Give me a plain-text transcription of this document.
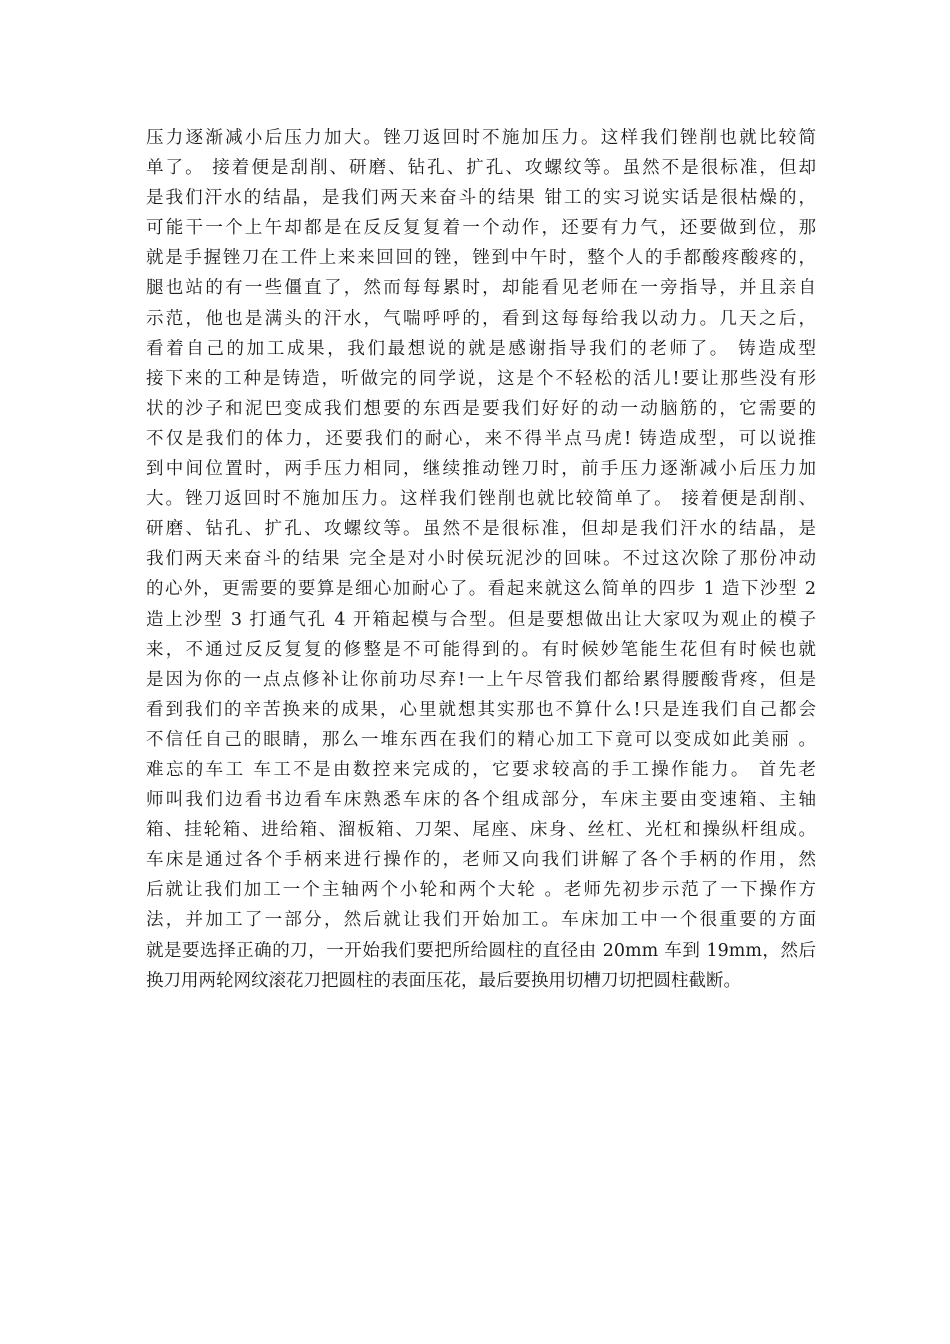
压力逐渐减小后压力加大。锉刀返回时不施加压力。这样我们锉削也就比较简
单了。 接着便是刮削、研磨、钻孔、扩孔、攻螺纹等。虽然不是很标准，但却
是我们汗水的结晶，是我们两天来奋斗的结果 钳工的实习说实话是很枯燥的，
可能干一个上午却都是在反反复复着一个动作，还要有力气，还要做到位，那
就是手握锉刀在工件上来来回回的锉，锉到中午时，整个人的手都酸疼酸疼的，
腿也站的有一些僵直了，然而每每累时，却能看见老师在一旁指导，并且亲自
示范，他也是满头的汗水，气喘呼呼的，看到这每每给我以动力。几天之后，
看着自己的加工成果，我们最想说的就是感谢指导我们的老师了。 铸造成型
接下来的工种是铸造，听做完的同学说，这是个不轻松的活儿!要让那些没有形
状的沙子和泥巴变成我们想要的东西是要我们好好的动一动脑筋的，它需要的
不仅是我们的体力，还要我们的耐心，来不得半点马虎! 铸造成型，可以说推
到中间位置时，两手压力相同，继续推动锉刀时，前手压力逐渐减小后压力加
大。锉刀返回时不施加压力。这样我们锉削也就比较简单了。 接着便是刮削、
研磨、钻孔、扩孔、攻螺纹等。虽然不是很标准，但却是我们汗水的结晶，是
我们两天来奋斗的结果 完全是对小时侯玩泥沙的回味。不过这次除了那份冲动
的心外，更需要的要算是细心加耐心了。看起来就这么简单的四步 1 造下沙型 2
造上沙型 3 打通气孔 4 开箱起模与合型。但是要想做出让大家叹为观止的模子
来，不通过反反复复的修整是不可能得到的。有时候妙笔能生花但有时候也就
是因为你的一点点修补让你前功尽弃!一上午尽管我们都给累得腰酸背疼，但是
看到我们的辛苦换来的成果，心里就想其实那也不算什么!只是连我们自己都会
不信任自己的眼睛，那么一堆东西在我们的精心加工下竟可以变成如此美丽 。
难忘的车工 车工不是由数控来完成的，它要求较高的手工操作能力。 首先老
师叫我们边看书边看车床熟悉车床的各个组成部分，车床主要由变速箱、主轴
箱、挂轮箱、进给箱、溜板箱、刀架、尾座、床身、丝杠、光杠和操纵杆组成。
车床是通过各个手柄来进行操作的，老师又向我们讲解了各个手柄的作用，然
后就让我们加工一个主轴两个小轮和两个大轮 。老师先初步示范了一下操作方
法，并加工了一部分，然后就让我们开始加工。车床加工中一个很重要的方面
就是要选择正确的刀，一开始我们要把所给圆柱的直径由 20mm 车到 19mm，然后
换刀用两轮网纹滚花刀把圆柱的表面压花，最后要换用切槽刀切把圆柱截断。
